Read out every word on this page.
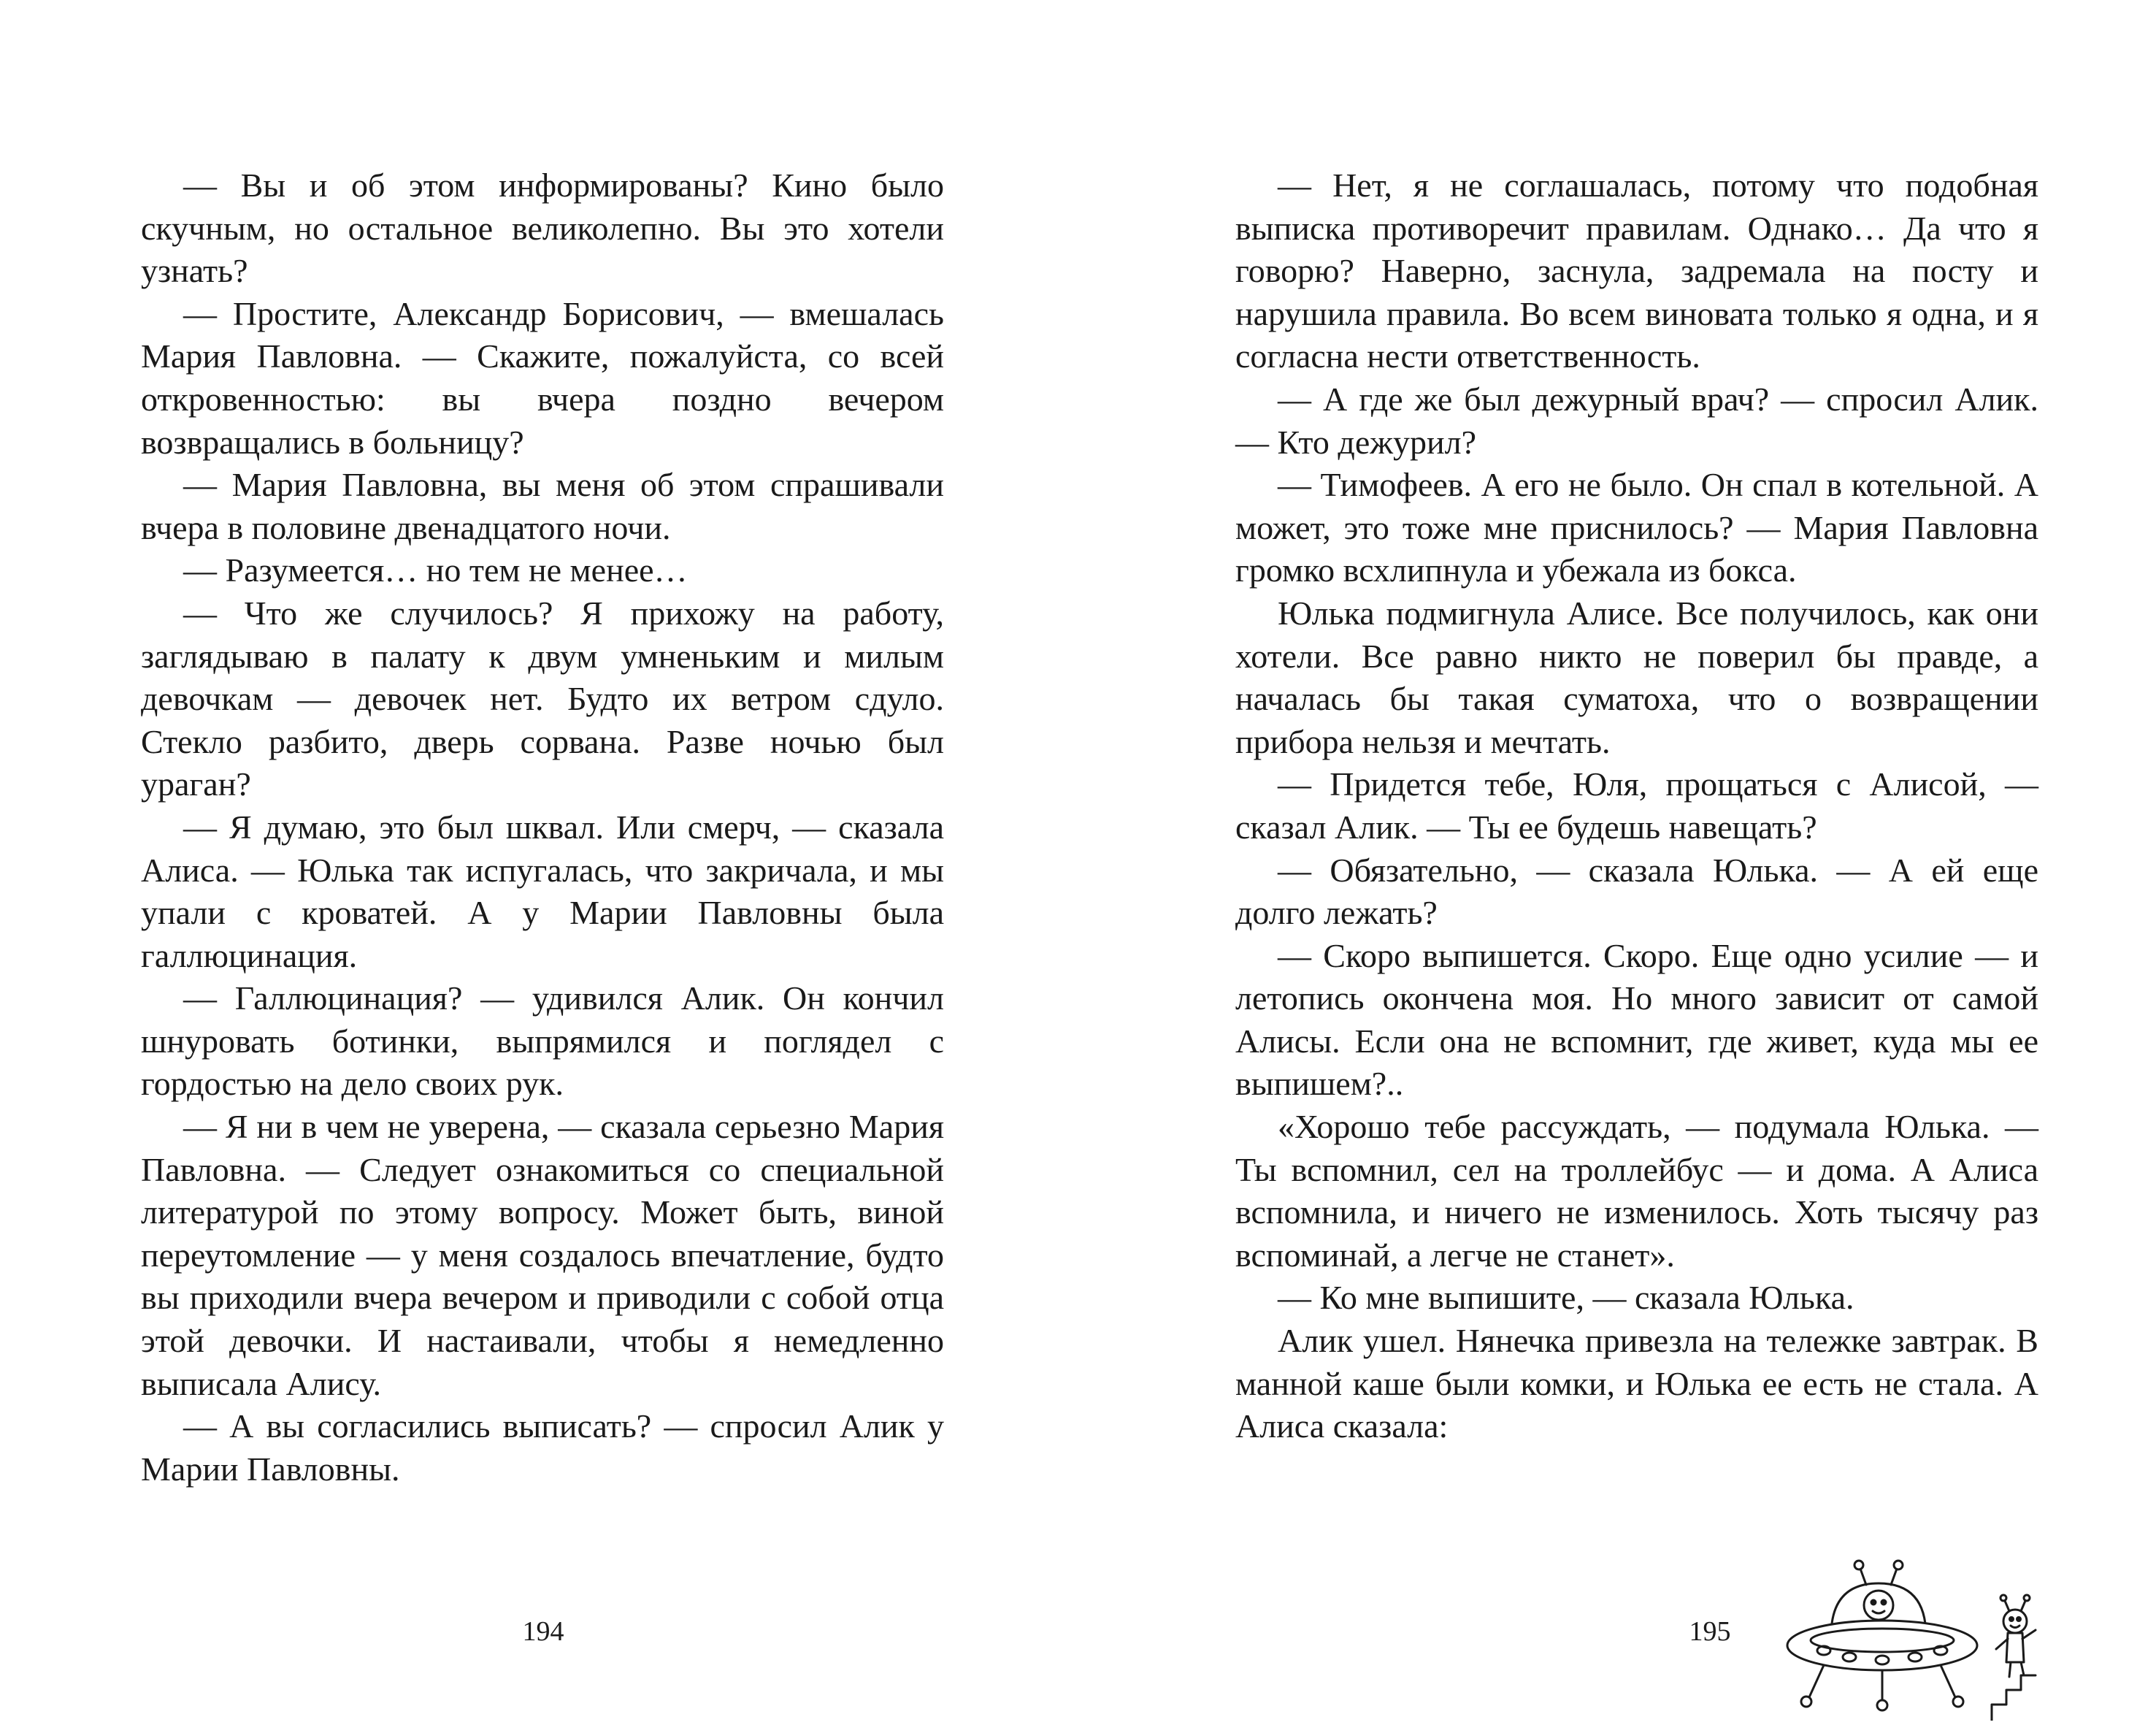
— Вы и об этом информированы? Кино было скучным, но остальное великолепно. Вы это хотели узнать?

— Простите, Александр Борисович, — вмешалась Мария Павловна. — Скажите, пожалуйста, со всей откровенностью: вы вчера поздно вечером возвращались в больницу?

— Мария Павловна, вы меня об этом спрашивали вчера в половине двенадцатого ночи.

— Разумеется… но тем не менее…

— Что же случилось? Я прихожу на работу, заглядываю в палату к двум умненьким и милым девочкам — девочек нет. Будто их ветром сдуло. Стекло разбито, дверь сорвана. Разве ночью был ураган?

— Я думаю, это был шквал. Или смерч, — сказала Алиса. — Юлька так испугалась, что закричала, и мы упали с кроватей. А у Марии Павловны была галлюцинация.

— Галлюцинация? — удивился Алик. Он кончил шнуровать ботинки, выпрямился и поглядел с гордостью на дело своих рук.

— Я ни в чем не уверена, — сказала серьезно Мария Павловна. — Следует ознакомиться со специальной литературой по этому вопросу. Может быть, виной переутомление — у меня создалось впечатление, будто вы приходили вчера вечером и приводили с собой отца этой девочки. И настаивали, чтобы я немедленно выписала Алису.

— А вы согласились выписать? — спросил Алик у Марии Павловны.

194

— Нет, я не соглашалась, потому что подобная выписка противоречит правилам. Однако… Да что я говорю? Наверно, заснула, задремала на посту и нарушила правила. Во всем виновата только я одна, и я согласна нести ответственность.

— А где же был дежурный врач? — спросил Алик. — Кто дежурил?

— Тимофеев. А его не было. Он спал в котельной. А может, это тоже мне приснилось? — Мария Павловна громко всхлипнула и убежала из бокса.

Юлька подмигнула Алисе. Все получилось, как они хотели. Все равно никто не поверил бы правде, а началась бы такая суматоха, что о возвращении прибора нельзя и мечтать.

— Придется тебе, Юля, прощаться с Алисой, — сказал Алик. — Ты ее будешь навещать?

— Обязательно, — сказала Юлька. — А ей еще долго лежать?

— Скоро выпишется. Скоро. Еще одно усилие — и летопись окончена моя. Но много зависит от самой Алисы. Если она не вспомнит, где живет, куда мы ее выпишем?..

«Хорошо тебе рассуждать, — подумала Юлька. — Ты вспомнил, сел на троллейбус — и дома. А Алиса вспомнила, и ничего не изменилось. Хоть тысячу раз вспоминай, а легче не станет».

— Ко мне выпишите, — сказала Юлька.

Алик ушел. Нянечка привезла на тележке завтрак. В манной каше были комки, и Юлька ее есть не стала. А Алиса сказала:

195
